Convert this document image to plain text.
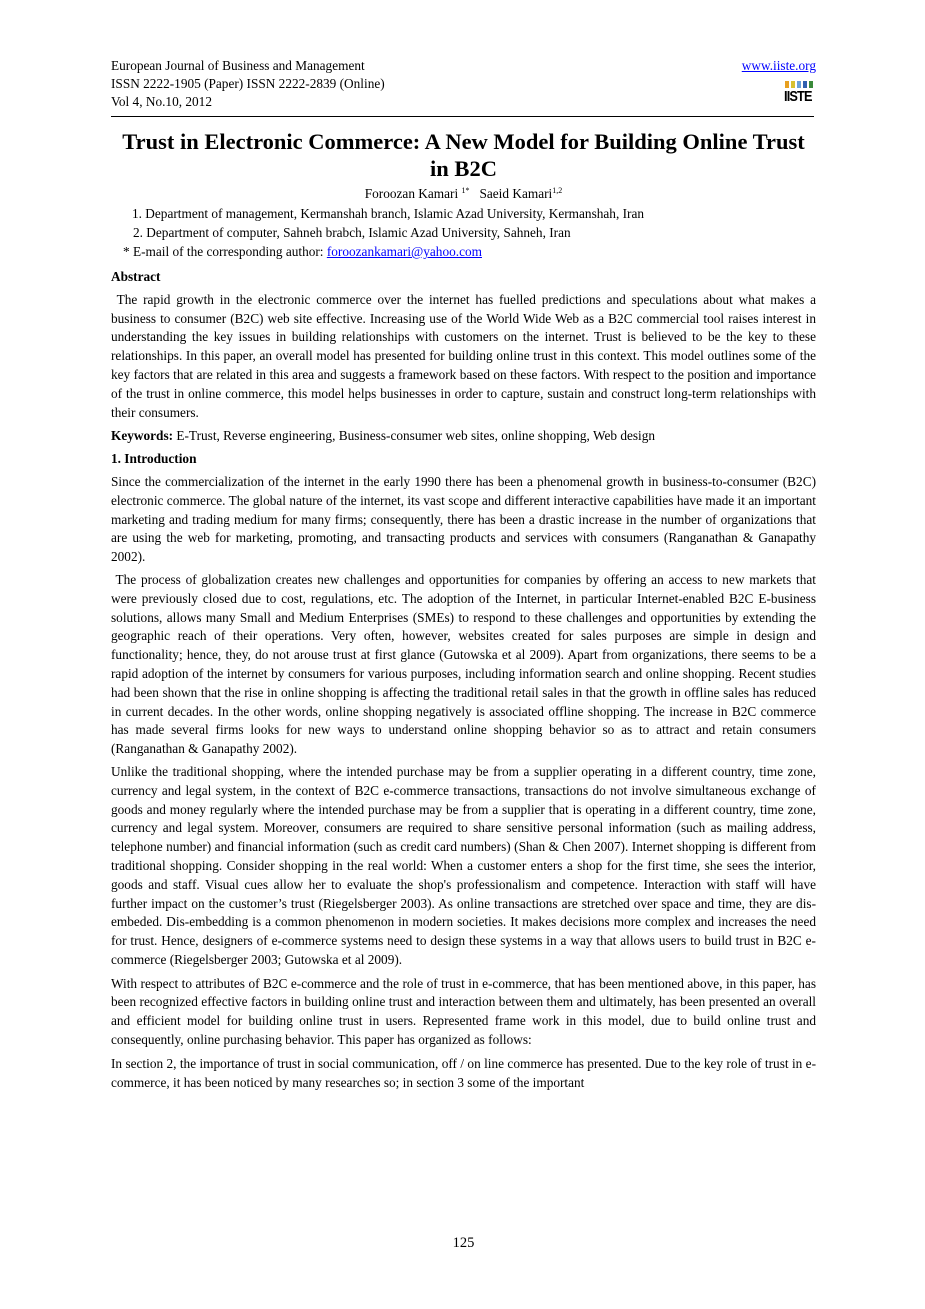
European Journal of Business and Management
ISSN 2222-1905 (Paper) ISSN 2222-2839 (Online)
Vol 4, No.10, 2012
www.iiste.org
IISTE
Trust in Electronic Commerce: A New Model for Building Online Trust in B2C
Foroozan Kamari $^{1*}$ Saeid Kamari$^{1,2}$
1. Department of management, Kermanshah branch, Islamic Azad University, Kermanshah, Iran
2. Department of computer, Sahneh brabch, Islamic Azad University, Sahneh, Iran
* E-mail of the corresponding author: foroozankamari@yahoo.com
Abstract

The rapid growth in the electronic commerce over the internet has fuelled predictions and speculations about what makes a business to consumer (B2C) web site effective. Increasing use of the World Wide Web as a B2C commercial tool raises interest in understanding the key issues in building relationships with customers on the internet. Trust is believed to be the key to these relationships. In this paper, an overall model has presented for building online trust in this context. This model outlines some of the key factors that are related in this area and suggests a framework based on these factors. With respect to the position and importance of the trust in online commerce, this model helps businesses in order to capture, sustain and construct long-term relationships with their consumers.

Keywords: E-Trust, Reverse engineering, Business-consumer web sites, online shopping, Web design

1. Introduction

Since the commercialization of the internet in the early 1990 there has been a phenomenal growth in business-to-consumer (B2C) electronic commerce. The global nature of the internet, its vast scope and different interactive capabilities have made it an important marketing and trading medium for many firms; consequently, there has been a drastic increase in the number of organizations that are using the web for marketing, promoting, and transacting products and services with consumers (Ranganathan & Ganapathy 2002).

The process of globalization creates new challenges and opportunities for companies by offering an access to new markets that were previously closed due to cost, regulations, etc. The adoption of the Internet, in particular Internet-enabled B2C E-business solutions, allows many Small and Medium Enterprises (SMEs) to respond to these challenges and opportunities by extending the geographic reach of their operations. Very often, however, websites created for sales purposes are simple in design and functionality; hence, they, do not arouse trust at first glance (Gutowska et al 2009). Apart from organizations, there seems to be a rapid adoption of the internet by consumers for various purposes, including information search and online shopping. Recent studies had been shown that the rise in online shopping is affecting the traditional retail sales in that the growth in offline sales has reduced in current decades. In the other words, online shopping negatively is associated offline shopping. The increase in B2C commerce has made several firms looks for new ways to understand online shopping behavior so as to attract and retain consumers (Ranganathan & Ganapathy 2002).

Unlike the traditional shopping, where the intended purchase may be from a supplier operating in a different country, time zone, currency and legal system, in the context of B2C e-commerce transactions, transactions do not involve simultaneous exchange of goods and money regularly where the intended purchase may be from a supplier that is operating in a different country, time zone, currency and legal system. Moreover, consumers are required to share sensitive personal information (such as mailing address, telephone number) and financial information (such as credit card numbers) (Shan & Chen 2007). Internet shopping is different from traditional shopping. Consider shopping in the real world: When a customer enters a shop for the first time, she sees the interior, goods and staff. Visual cues allow her to evaluate the shop's professionalism and competence. Interaction with staff will have further impact on the customer’s trust (Riegelsberger 2003). As online transactions are stretched over space and time, they are dis-embeded. Dis-embedding is a common phenomenon in modern societies. It makes decisions more complex and increases the need for trust. Hence, designers of e-commerce systems need to design these systems in a way that allows users to build trust in B2C e-commerce (Riegelsberger 2003; Gutowska et al 2009).

With respect to attributes of B2C e-commerce and the role of trust in e-commerce, that has been mentioned above, in this paper, has been recognized effective factors in building online trust and interaction between them and ultimately, has been presented an overall and efficient model for building online trust in users. Represented frame work in this model, due to build online trust and consequently, online purchasing behavior. This paper has organized as follows:

In section 2, the importance of trust in social communication, off / on line commerce has presented. Due to the key role of trust in e-commerce, it has been noticed by many researches so; in section 3 some of the important

125
